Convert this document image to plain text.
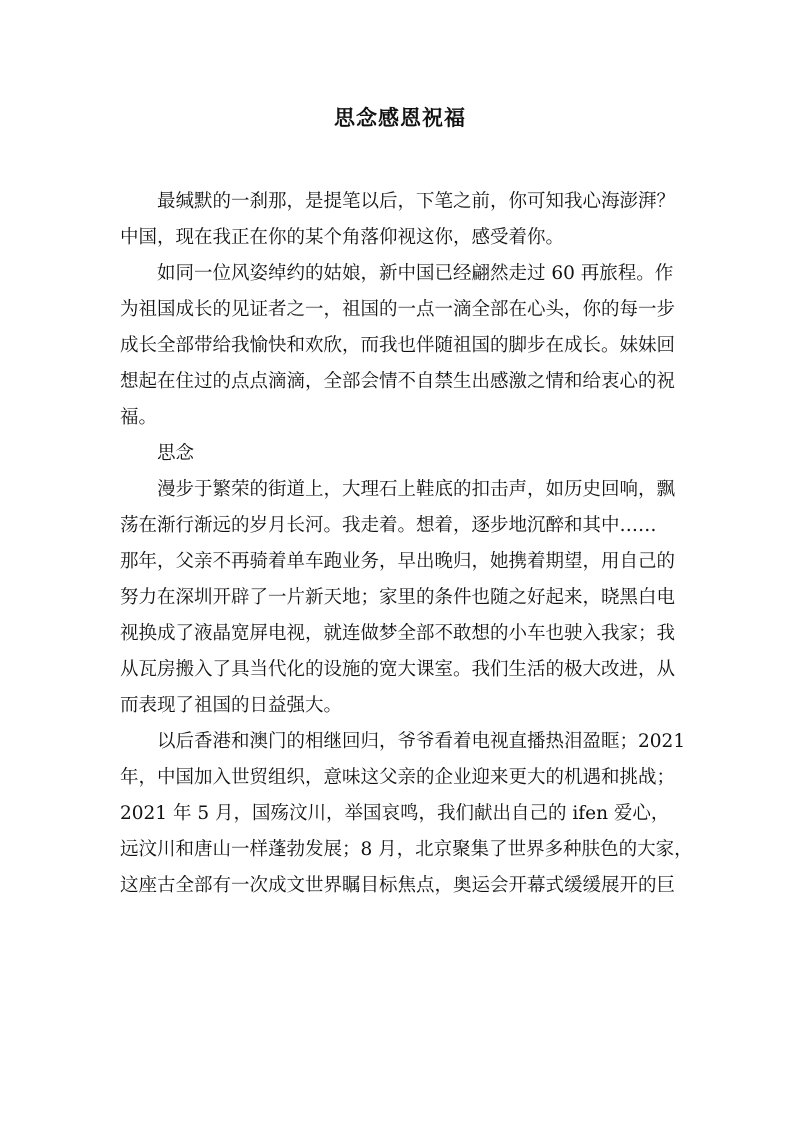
思念感恩祝福
最缄默的一刹那，是提笔以后，下笔之前，你可知我心海澎湃？
中国，现在我正在你的某个角落仰视这你，感受着你。
如同一位风姿绰约的姑娘，新中国已经翩然走过 60 再旅程。作
为祖国成长的见证者之一，祖国的一点一滴全部在心头，你的每一步
成长全部带给我愉快和欢欣，而我也伴随祖国的脚步在成长。妹妹回
想起在住过的点点滴滴，全部会情不自禁生出感激之情和给衷心的祝
福。
思念
漫步于繁荣的街道上，大理石上鞋底的扣击声，如历史回响，飘
荡在渐行渐远的岁月长河。我走着。想着，逐步地沉醉和其中……
那年，父亲不再骑着单车跑业务，早出晚归，她携着期望，用自己的
努力在深圳开辟了一片新天地；家里的条件也随之好起来，晓黑白电
视换成了液晶宽屏电视，就连做梦全部不敢想的小车也驶入我家；我
从瓦房搬入了具当代化的设施的宽大课室。我们生活的极大改进，从
而表现了祖国的日益强大。
以后香港和澳门的相继回归，爷爷看着电视直播热泪盈眶；2021
年，中国加入世贸组织，意味这父亲的企业迎来更大的机遇和挑战；
2021 年 5 月，国殇汶川，举国哀鸣，我们献出自己的 ifen 爱心，
远汶川和唐山一样蓬勃发展；8 月，北京聚集了世界多种肤色的大家，
这座古全部有一次成文世界瞩目标焦点，奥运会开幕式缓缓展开的巨
